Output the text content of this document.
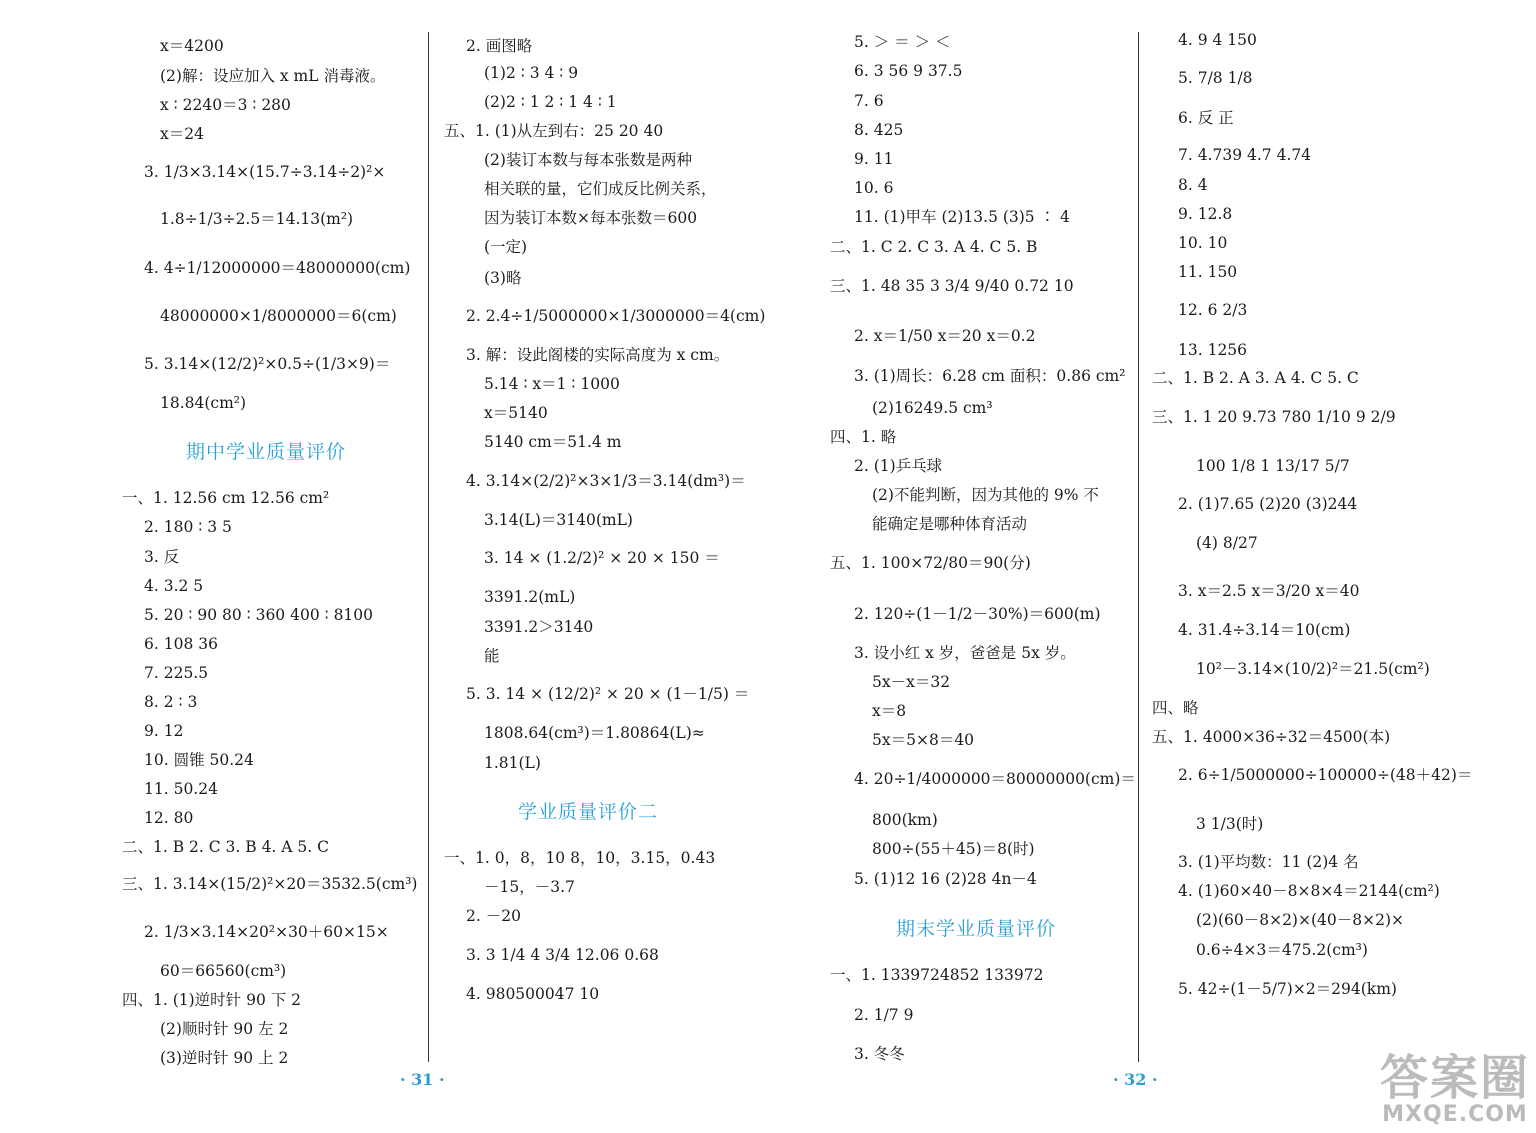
x＝4200
(2)解：设应加入 x mL 消毒液。
x ∶ 2240＝3 ∶ 280
x＝24
3. 1/3×3.14×(15.7÷3.14÷2)²×
1.8÷1/3÷2.5＝14.13(m²)
4. 4÷1/12000000＝48000000(cm)
48000000×1/8000000＝6(cm)
5. 3.14×(12/2)²×0.5÷(1/3×9)＝
18.84(cm²)
期中学业质量评价
一、1. 12.56 cm 12.56 cm²
2. 180 ∶ 3 5
3. 反
4. 3.2 5
5. 20 ∶ 90 80 ∶ 360 400 ∶ 8100
6. 108 36
7. 225.5
8. 2 ∶ 3
9. 12
10. 圆锥 50.24
11. 50.24
12. 80
二、1. B 2. C 3. B 4. A 5. C
三、1. 3.14×(15/2)²×20＝3532.5(cm³)
2. 1/3×3.14×20²×30＋60×15×
60＝66560(cm³)
四、1. (1)逆时针 90 下 2
(2)顺时针 90 左 2
(3)逆时针 90 上 2
2. 画图略
(1)2 ∶ 3 4 ∶ 9
(2)2 ∶ 1 2 ∶ 1 4 ∶ 1
五、1. (1)从左到右：25 20 40
(2)装订本数与每本张数是两种
相关联的量，它们成反比例关系，
因为装订本数×每本张数＝600
(一定)
(3)略
2. 2.4÷1/5000000×1/3000000＝4(cm)
3. 解：设此阁楼的实际高度为 x cm。
5.14 ∶ x＝1 ∶ 1000
x＝5140
5140 cm＝51.4 m
4. 3.14×(2/2)²×3×1/3＝3.14(dm³)＝
3.14(L)＝3140(mL)
3. 14 × (1.2/2)² × 20 × 150 ＝
3391.2(mL)
3391.2＞3140
能
5. 3. 14 × (12/2)² × 20 × (1－1/5) ＝
1808.64(cm³)＝1.80864(L)≈
1.81(L)
学业质量评价二
一、1. 0，8，10 8，10，3.15，0.43
－15，－3.7
2. －20
3. 3 1/4 4 3/4 12.06 0.68
4. 980500047 10
5. ＞ ＝ ＞ ＜
6. 3 56 9 37.5
7. 6
8. 425
9. 11
10. 6
11. (1)甲车 (2)13.5 (3)5 ∶ 4
二、1. C 2. C 3. A 4. C 5. B
三、1. 48 35 3 3/4 9/40 0.72 10
2. x＝1/50 x＝20 x＝0.2
3. (1)周长：6.28 cm 面积：0.86 cm²
(2)16249.5 cm³
四、1. 略
2. (1)乒乓球
(2)不能判断，因为其他的 9% 不
能确定是哪种体育活动
五、1. 100×72/80＝90(分)
2. 120÷(1－1/2－30%)＝600(m)
3. 设小红 x 岁，爸爸是 5x 岁。
5x－x＝32
x＝8
5x＝5×8＝40
4. 20÷1/4000000＝80000000(cm)＝
800(km)
800÷(55＋45)＝8(时)
5. (1)12 16 (2)28 4n－4
期末学业质量评价
一、1. 1339724852 133972
2. 1/7 9
3. 冬冬
4. 9 4 150
5. 7/8 1/8
6. 反 正
7. 4.739 4.7 4.74
8. 4
9. 12.8
10. 10
11. 150
12. 6 2/3
13. 1256
二、1. B 2. A 3. A 4. C 5. C
三、1. 1 20 9.73 780 1/10 9 2/9
100 1/8 1 13/17 5/7
2. (1)7.65 (2)20 (3)244
(4) 8/27
3. x＝2.5 x＝3/20 x＝40
4. 31.4÷3.14＝10(cm)
10²－3.14×(10/2)²＝21.5(cm²)
四、略
五、1. 4000×36÷32＝4500(本)
2. 6÷1/5000000÷100000÷(48＋42)＝
3 1/3(时)
3. (1)平均数：11 (2)4 名
4. (1)60×40－8×8×4＝2144(cm²)
(2)(60－8×2)×(40－8×2)×
0.6÷4×3＝475.2(cm³)
5. 42÷(1－5/7)×2＝294(km)
· 31 ·	· 32 ·	答案圈
MXQE.COM
